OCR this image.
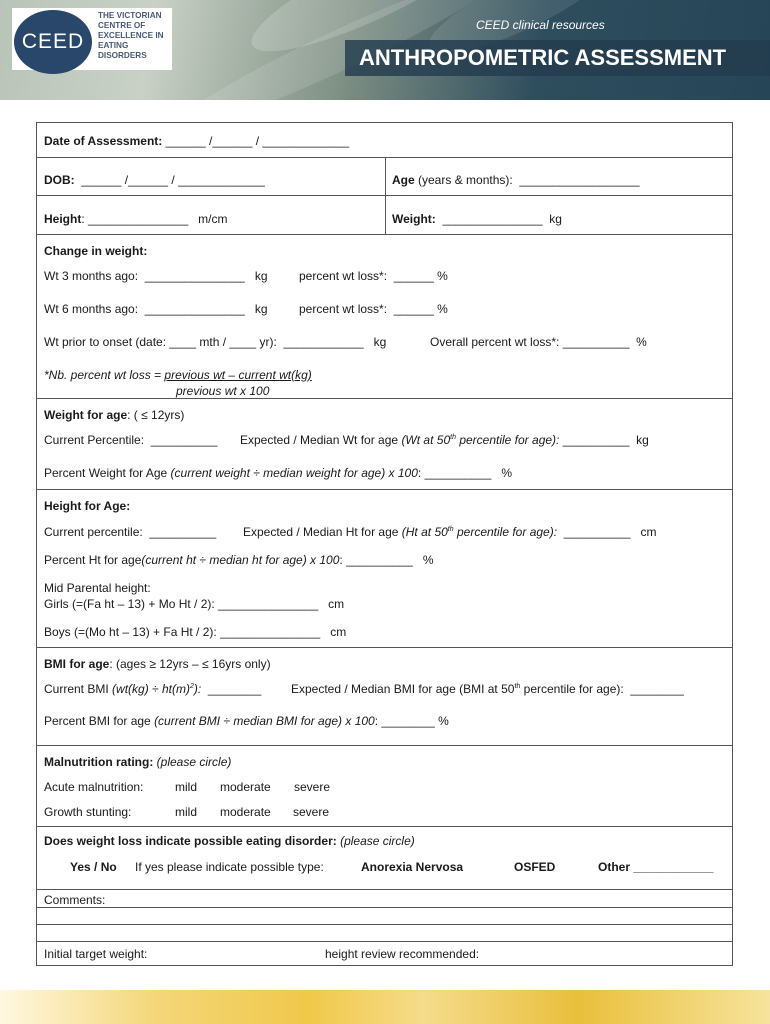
CEED
THE VICTORIAN
CENTRE OF
EXCELLENCE IN
EATING
DISORDERS
CEED clinical resources
ANTHROPOMETRIC ASSESSMENT
Date of Assessment: ______ /______ / _____________
DOB: ______ /______ / _____________	Age (years & months): __________________
Height: _______________ m/cm	Weight: _______________ kg
Change in weight:
Wt 3 months ago: _______________ kg	percent wt loss*: ______ %
Wt 6 months ago: _______________ kg	percent wt loss*: ______ %
Wt prior to onset (date: ____ mth / ____ yr): ____________ kg	Overall percent wt loss*: __________ %
*Nb. percent wt loss = previous wt – current wt(kg)
previous wt x 100
Weight for age: ( ≤ 12yrs)
Current Percentile: __________ Expected / Median Wt for age (Wt at 50th percentile for age): __________ kg
Percent Weight for Age (current weight ÷ median weight for age) x 100: __________ %
Height for Age:
Current percentile: __________ Expected / Median Ht for age (Ht at 50th percentile for age): __________ cm
Percent Ht for age(current ht ÷ median ht for age) x 100: __________ %
Mid Parental height:
Girls (=(Fa ht – 13) + Mo Ht / 2): _______________ cm
Boys (=(Mo ht – 13) + Fa Ht / 2): _______________ cm
BMI for age: (ages ≥ 12yrs – ≤ 16yrs only)
Current BMI $(wt(kg) \div ht(m)^2)$: ________ Expected / Median BMI for age (BMI at 50th percentile for age): ________
Percent BMI for age (current BMI ÷ median BMI for age) x 100: ________ %
Malnutrition rating: (please circle)
Acute malnutrition:	mild moderate severe
Growth stunting:	mild moderate severe
Does weight loss indicate possible eating disorder: (please circle)
Yes / No If yes please indicate possible type:	Anorexia Nervosa	OSFED	Other ____________
Comments:
Initial target weight:	height review recommended:
